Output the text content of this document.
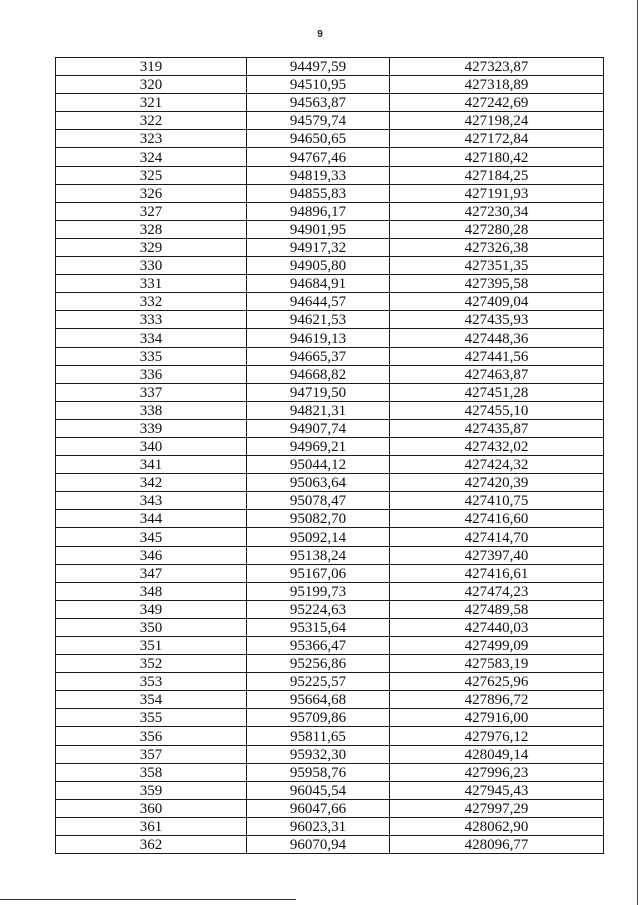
9
319	94497,59	427323,87
320	94510,95	427318,89
321	94563,87	427242,69
322	94579,74	427198,24
323	94650,65	427172,84
324	94767,46	427180,42
325	94819,33	427184,25
326	94855,83	427191,93
327	94896,17	427230,34
328	94901,95	427280,28
329	94917,32	427326,38
330	94905,80	427351,35
331	94684,91	427395,58
332	94644,57	427409,04
333	94621,53	427435,93
334	94619,13	427448,36
335	94665,37	427441,56
336	94668,82	427463,87
337	94719,50	427451,28
338	94821,31	427455,10
339	94907,74	427435,87
340	94969,21	427432,02
341	95044,12	427424,32
342	95063,64	427420,39
343	95078,47	427410,75
344	95082,70	427416,60
345	95092,14	427414,70
346	95138,24	427397,40
347	95167,06	427416,61
348	95199,73	427474,23
349	95224,63	427489,58
350	95315,64	427440,03
351	95366,47	427499,09
352	95256,86	427583,19
353	95225,57	427625,96
354	95664,68	427896,72
355	95709,86	427916,00
356	95811,65	427976,12
357	95932,30	428049,14
358	95958,76	427996,23
359	96045,54	427945,43
360	96047,66	427997,29
361	96023,31	428062,90
362	96070,94	428096,77
